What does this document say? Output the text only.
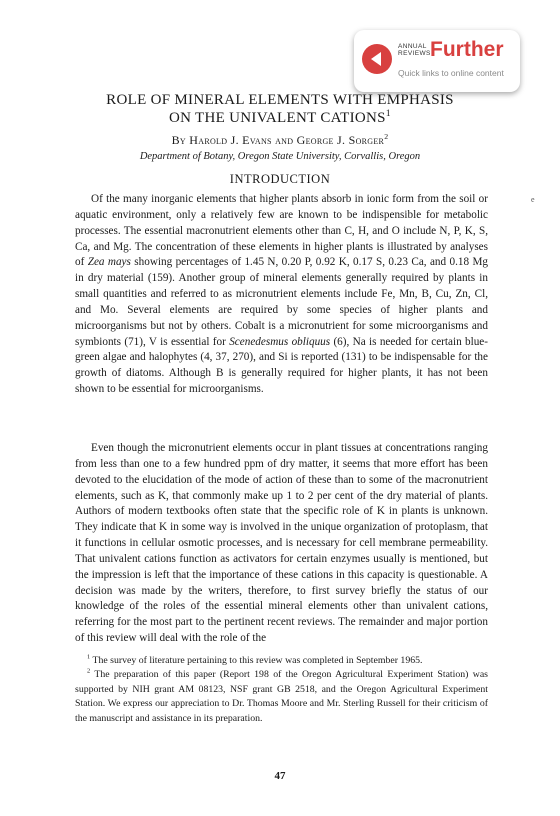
ANNUAL
REVIEWS Further
Quick links to online content
ROLE OF MINERAL ELEMENTS WITH EMPHASIS
ON THE UNIVALENT CATIONS$^1$
By Harold J. Evans and George J. Sorger$^2$
Department of Botany, Oregon State University, Corvallis, Oregon
INTRODUCTION
e

Of the many inorganic elements that higher plants absorb in ionic form from the soil or aquatic environment, only a relatively few are known to be indispensible for metabolic processes. The essential macronutrient elements other than C, H, and O include N, P, K, S, Ca, and Mg. The concentration of these elements in higher plants is illustrated by analyses of Zea mays showing percentages of 1.45 N, 0.20 P, 0.92 K, 0.17 S, 0.23 Ca, and 0.18 Mg in dry material (159). Another group of mineral elements generally required by plants in small quantities and referred to as micronutrient elements include Fe, Mn, B, Cu, Zn, Cl, and Mo. Several elements are required by some species of higher plants and microorganisms but not by others. Cobalt is a micronutrient for some microorganisms and symbionts (71), V is essential for Scenedesmus obliquus (6), Na is needed for certain blue-green algae and halophytes (4, 37, 270), and Si is reported (131) to be indispensable for the growth of diatoms. Although B is generally required for higher plants, it has not been shown to be essential for microorganisms.

Even though the micronutrient elements occur in plant tissues at concentrations ranging from less than one to a few hundred ppm of dry matter, it seems that more effort has been devoted to the elucidation of the mode of action of these than to some of the macronutrient elements, such as K, that commonly make up 1 to 2 per cent of the dry material of plants. Authors of modern textbooks often state that the specific role of K in plants is unknown. They indicate that K in some way is involved in the unique organization of protoplasm, that it functions in cellular osmotic processes, and is necessary for cell membrane permeability. That univalent cations function as activators for certain enzymes usually is mentioned, but the impression is left that the importance of these cations in this capacity is questionable. A decision was made by the writers, therefore, to first survey briefly the status of our knowledge of the roles of the essential mineral elements other than univalent cations, referring for the most part to the pertinent recent reviews. The remainder and major portion of this review will deal with the role of the

$^1$ The survey of literature pertaining to this review was completed in September 1965.

$^2$ The preparation of this paper (Report 198 of the Oregon Agricultural Experiment Station) was supported by NIH grant AM 08123, NSF grant GB 2518, and the Oregon Agricultural Experiment Station. We express our appreciation to Dr. Thomas Moore and Mr. Sterling Russell for their criticism of the manuscript and assistance in its preparation.

47
